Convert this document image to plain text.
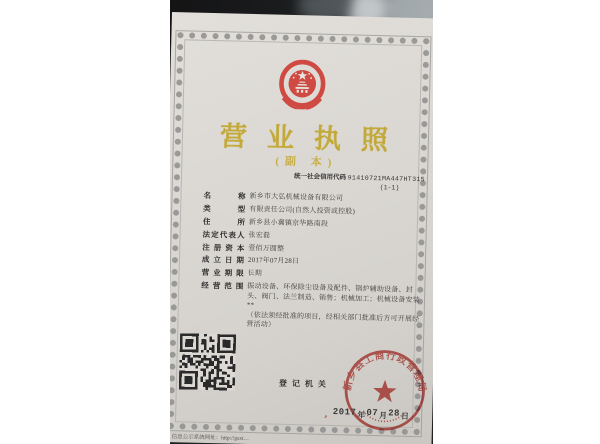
营业执照
(副 本)
统一社会信用代码 91410721MA447HT315
(1-1)
名称 新乡市大弘机械设备有限公司
类型 有限责任公司(自然人投资或控股)
住所 新乡县小冀镇京华路南段
法定代表人 张宏磊
注册资本 壹佰万圆整
成立日期 2017年07月28日
营业期限 长期
经营范围 振动设备、环保除尘设备及配件、锅炉辅助设备、封头、阀门、法兰制造、销售；机械加工；机械设备安装**
（依法须经批准的项目，经相关部门批准后方可开展经营活动）
登记机关 新乡县工商行政管理局
, 2017年07月28日
信息公示系统网址：http://gsxt…
